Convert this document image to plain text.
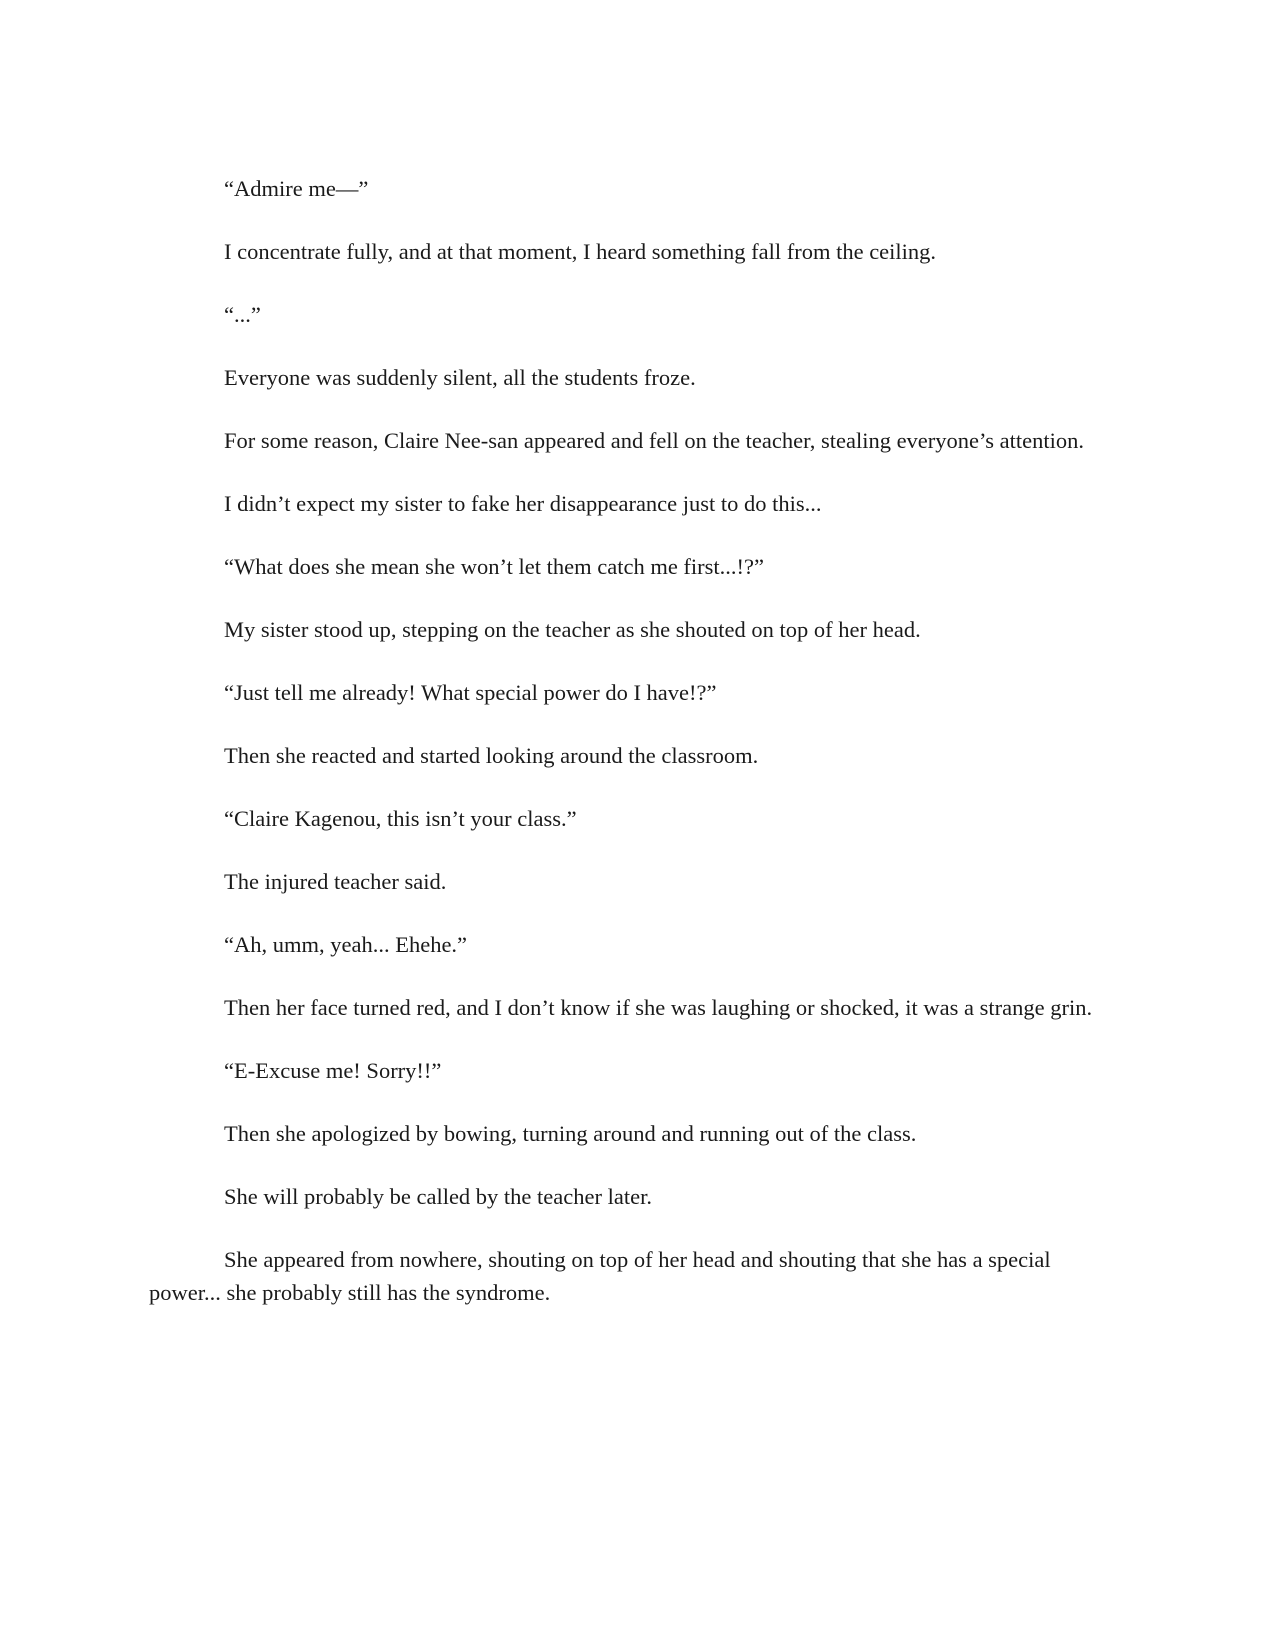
“Admire me—”

I concentrate fully, and at that moment, I heard something fall from the ceiling.

“...”

Everyone was suddenly silent, all the students froze.

For some reason, Claire Nee-san appeared and fell on the teacher, stealing everyone’s attention.

I didn’t expect my sister to fake her disappearance just to do this...

“What does she mean she won’t let them catch me first...!?”

My sister stood up, stepping on the teacher as she shouted on top of her head.

“Just tell me already! What special power do I have!?”

Then she reacted and started looking around the classroom.

“Claire Kagenou, this isn’t your class.”

The injured teacher said.

“Ah, umm, yeah... Ehehe.”

Then her face turned red, and I don’t know if she was laughing or shocked, it was a strange grin.

“E-Excuse me! Sorry!!”

Then she apologized by bowing, turning around and running out of the class.

She will probably be called by the teacher later.

She appeared from nowhere, shouting on top of her head and shouting that she has a special power... she probably still has the syndrome.
